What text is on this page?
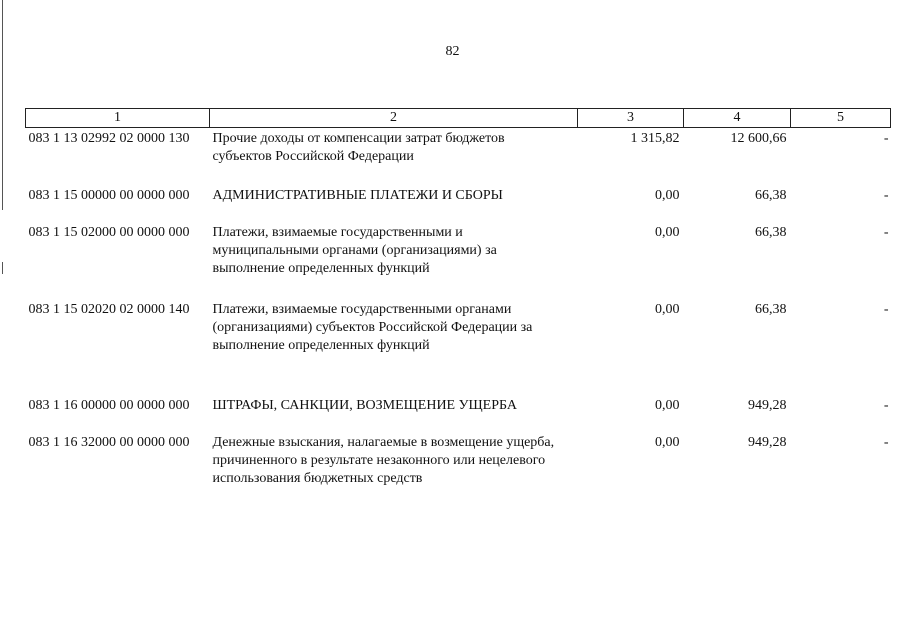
82
1	2	3	4	5
083 1 13 02992 02 0000 130	Прочие доходы от компенсации затрат бюджетов субъектов Российской Федерации	1 315,82	12 600,66	-
083 1 15 00000 00 0000 000	АДМИНИСТРАТИВНЫЕ ПЛАТЕЖИ И СБОРЫ	0,00	66,38	-
083 1 15 02000 00 0000 000	Платежи, взимаемые государственными и муниципальными органами (организациями) за выполнение определенных функций	0,00	66,38	-
083 1 15 02020 02 0000 140	Платежи, взимаемые государственными органами (организациями) субъектов Российской Федерации за выполнение определенных функций	0,00	66,38	-
083 1 16 00000 00 0000 000	ШТРАФЫ, САНКЦИИ, ВОЗМЕЩЕНИЕ УЩЕРБА	0,00	949,28	-
083 1 16 32000 00 0000 000	Денежные взыскания, налагаемые в возмещение ущерба, причиненного в результате незаконного или нецелевого использования бюджетных средств	0,00	949,28	-
